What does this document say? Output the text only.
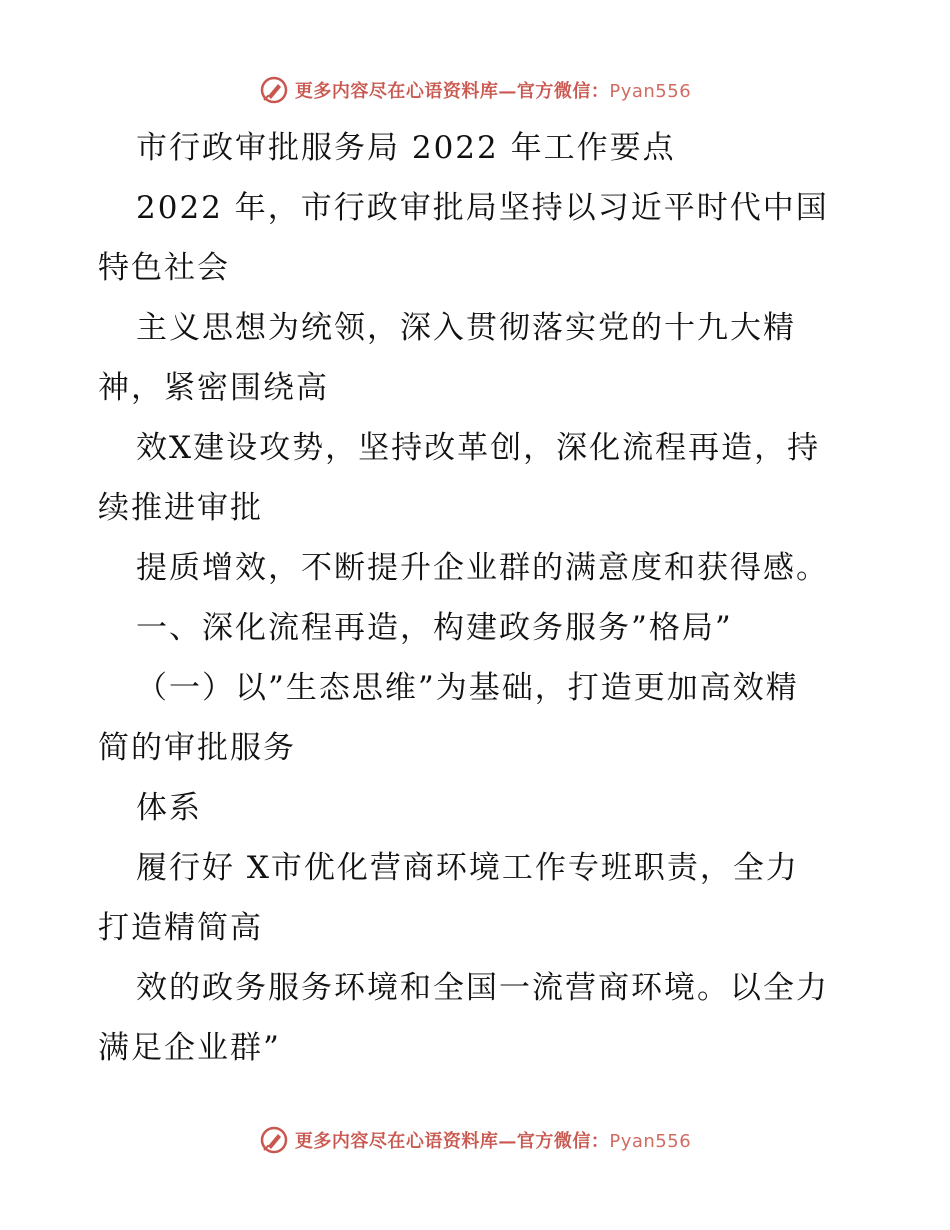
更多内容尽在心语资料库—官方微信：Pyan556

市行政审批服务局 2022 年工作要点

2022 年，市行政审批局坚持以习近平时代中国

特色社会

主义思想为统领，深入贯彻落实党的十九大精

神，紧密围绕高

效X建设攻势，坚持改革创，深化流程再造，持

续推进审批

提质增效，不断提升企业群的满意度和获得感。

一、深化流程再造，构建政务服务”格局”

（一）以”生态思维”为基础，打造更加高效精

简的审批服务

体系

履行好 X市优化营商环境工作专班职责，全力

打造精简高

效的政务服务环境和全国一流营商环境。以全力

满足企业群”

更多内容尽在心语资料库—官方微信：Pyan556
